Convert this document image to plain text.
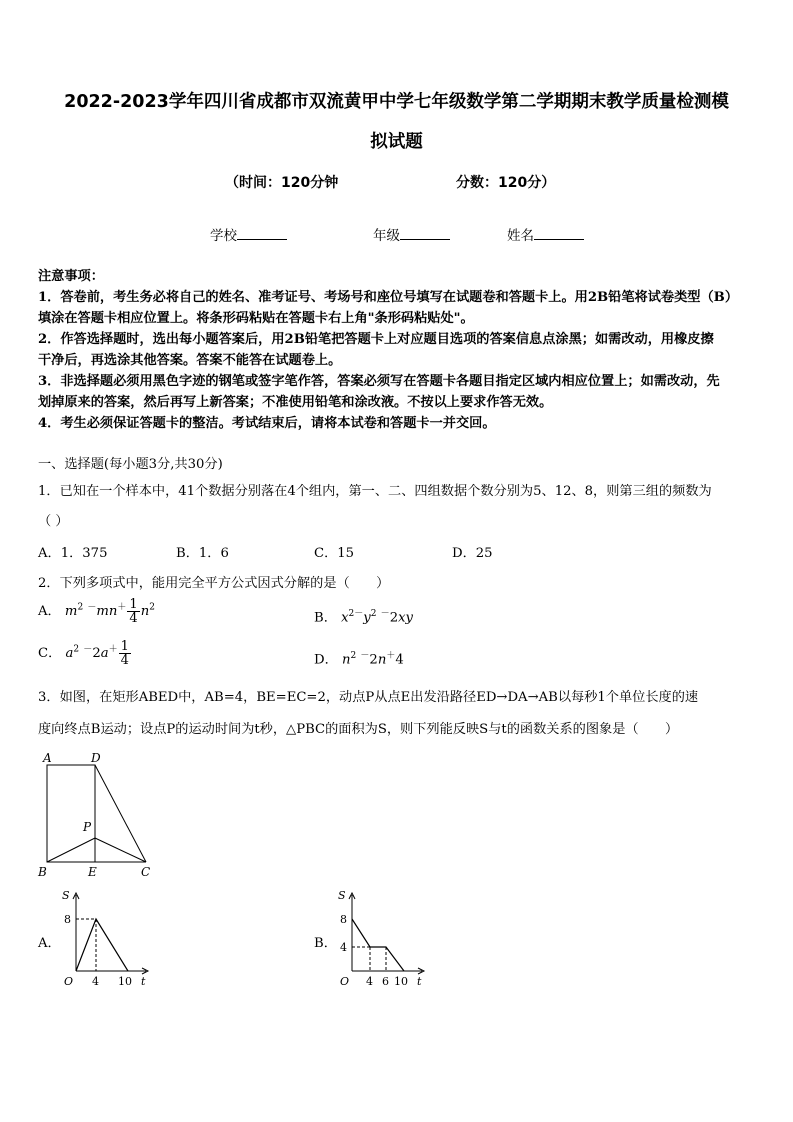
2022-2023学年四川省成都市双流黄甲中学七年级数学第二学期期末教学质量检测模
拟试题
（时间：120分钟	分数：120分）
学校	年级	姓名
注意事项：
1．答卷前，考生务必将自己的姓名、准考证号、考场号和座位号填写在试题卷和答题卡上。用2B铅笔将试卷类型（B）
填涂在答题卡相应位置上。将条形码粘贴在答题卡右上角"条形码粘贴处"。
2．作答选择题时，选出每小题答案后，用2B铅笔把答题卡上对应题目选项的答案信息点涂黑；如需改动，用橡皮擦
干净后，再选涂其他答案。答案不能答在试题卷上。
3．非选择题必须用黑色字迹的钢笔或签字笔作答，答案必须写在答题卡各题目指定区域内相应位置上；如需改动，先
划掉原来的答案，然后再写上新答案；不准使用铅笔和涂改液。不按以上要求作答无效。
4．考生必须保证答题卡的整洁。考试结束后，请将本试卷和答题卡一并交回。
一、选择题(每小题3分,共30分)
1．已知在一个样本中，41个数据分别落在4个组内，第一、二、四组数据个数分别为5、12、8，则第三组的频数为
（ ）
A．1．375	B．1．6	C．15	D．25
2．下列多项式中，能用完全平方公式因式分解的是（　　）
A． $m^2$ $^-mn^+ \frac{1}{4} n^2$
B． $x^{2-}y^2$ －2xy
C． $a^2$ $^-2a^+ \frac{1}{4}$	D． $n^2$ －2n＋4
3．如图，在矩形ABED中，AB=4，BE=EC=2，动点P从点E出发沿路径ED→DA→AB以每秒1个单位长度的速
度向终点B运动；设点P的运动时间为t秒，△PBC的面积为S，则下列能反映S与t的函数关系的图象是（　　）
A	D
P
B	E	C
A．
S
O	t
8
4 10
B．
S
O	t
8
4
4 6 10
